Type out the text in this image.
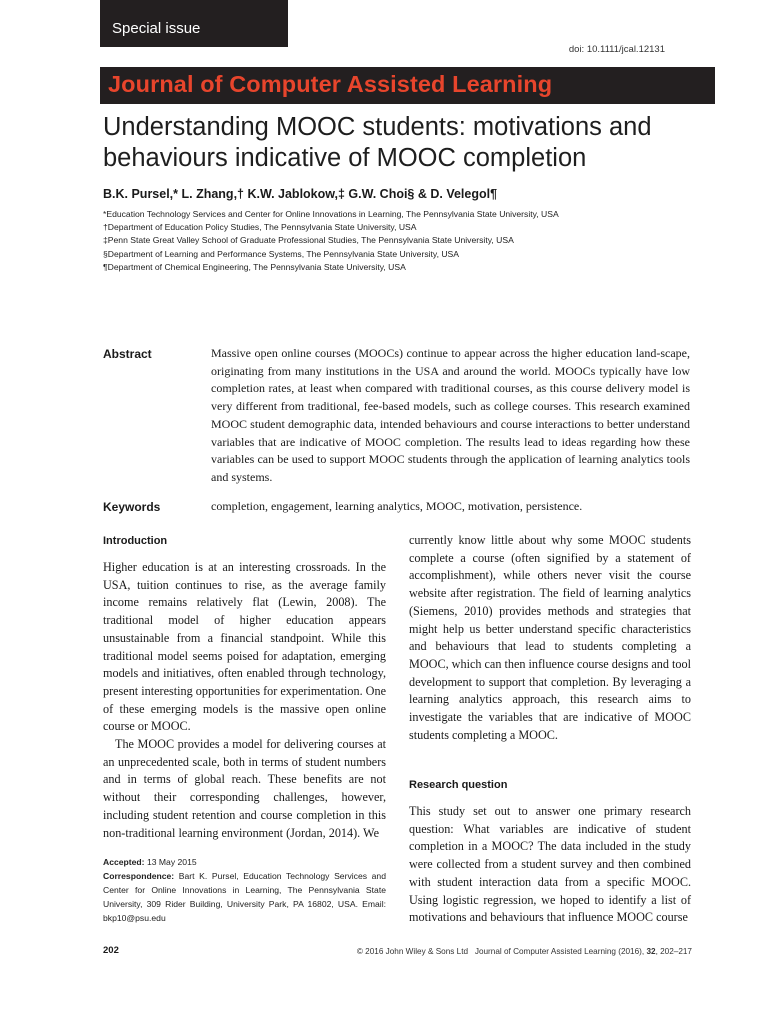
Special issue
doi: 10.1111/jcal.12131
Journal of Computer Assisted Learning
Understanding MOOC students: motivations and behaviours indicative of MOOC completion
B.K. Pursel,* L. Zhang,† K.W. Jablokow,‡ G.W. Choi§ & D. Velegol¶
*Education Technology Services and Center for Online Innovations in Learning, The Pennsylvania State University, USA
†Department of Education Policy Studies, The Pennsylvania State University, USA
‡Penn State Great Valley School of Graduate Professional Studies, The Pennsylvania State University, USA
§Department of Learning and Performance Systems, The Pennsylvania State University, USA
¶Department of Chemical Engineering, The Pennsylvania State University, USA
Abstract	Massive open online courses (MOOCs) continue to appear across the higher education land-scape, originating from many institutions in the USA and around the world. MOOCs typically have low completion rates, at least when compared with traditional courses, as this course delivery model is very different from traditional, fee-based models, such as college courses. This research examined MOOC student demographic data, intended behaviours and course interactions to better understand variables that are indicative of MOOC completion. The results lead to ideas regarding how these variables can be used to support MOOC students through the application of learning analytics tools and systems.
Keywords	completion, engagement, learning analytics, MOOC, motivation, persistence.
Introduction

Higher education is at an interesting crossroads. In the USA, tuition continues to rise, as the average family income remains relatively flat (Lewin, 2008). The traditional model of higher education appears unsustainable from a financial standpoint. While this traditional model seems poised for adaptation, emerging models and initiatives, often enabled through technology, present interesting opportunities for experimentation. One of these emerging models is the massive open online course or MOOC.

The MOOC provides a model for delivering courses at an unprecedented scale, both in terms of student numbers and in terms of global reach. These benefits are not without their corresponding challenges, however, including student retention and course completion in this non-traditional learning environment (Jordan, 2014). We

currently know little about why some MOOC students complete a course (often signified by a statement of accomplishment), while others never visit the course website after registration. The field of learning analytics (Siemens, 2010) provides methods and strategies that might help us better understand specific characteristics and behaviours that lead to students completing a MOOC, which can then influence course designs and tool development to support that completion. By leveraging a learning analytics approach, this research aims to investigate the variables that are indicative of MOOC students completing a MOOC.

Research question

This study set out to answer one primary research question: What variables are indicative of student completion in a MOOC? The data included in the study were collected from a student survey and then combined with student interaction data from a specific MOOC. Using logistic regression, we hoped to identify a list of motivations and behaviours that influence MOOC course

Accepted: 13 May 2015

Correspondence: Bart K. Pursel, Education Technology Services and Center for Online Innovations in Learning, The Pennsylvania State University, 309 Rider Building, University Park, PA 16802, USA. Email: bkp10@psu.edu

202	© 2016 John Wiley & Sons Ltd Journal of Computer Assisted Learning (2016), 32, 202–217
